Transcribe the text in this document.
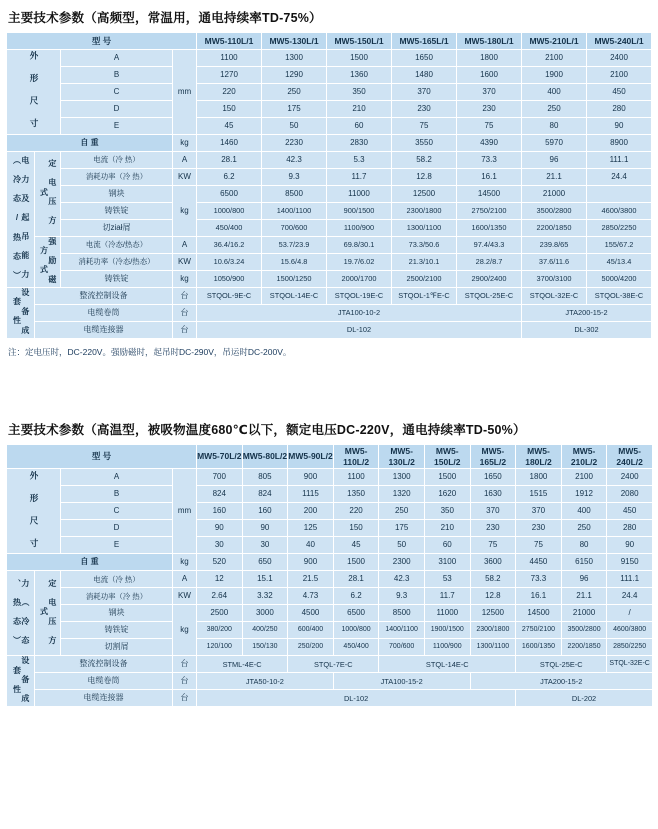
主要技术参数（高频型，常温用，通电持续率TD-75%）
型 号				MW5-110L/1	MW5-130L/1	MW5-150L/1	MW5-165L/1	MW5-180L/1	MW5-210L/1	MW5-240L/1
外 形 尺 寸		A	mm	1100	1300	1500	1650	1800	2100	2400
		B		1270	1290	1360	1480	1600	1900	2100
		C		220	250	350	370	370	400	450
		D		150	175	210	230	230	250	280
		E		45	50	60	75	75	80	90
自 重			kg	1460	2230	2830	3550	4390	5970	8900
电 力 及 起 吊 能 力 （ 冷 态 / 热 态 ）	定 电 压 方 式	电流（冷 热）	A	28.1	42.3	5.3	58.2	73.3	96	111.1
		消耗功率（冷 热）	KW	6.2	9.3	11.7	12.8	16.1	21.1	24.4
		钢块	kg	6500	8500	11000	12500	14500	21000	
		铸铁锭		1000/800	1400/1100	900/1500	2300/1800	2750/2100	3500/2800	4600/3800
		切ział屑		450/400	700/600	1100/900	1300/1100	1600/1350	2200/1850	2850/2250
	强 励 磁 方 式	电流（冷态/热态）	A	36.4/16.2	53.7/23.9	69.8/30.1	73.3/50.6	97.4/43.3	239.8/65	155/67.2
		消耗功率（冷态/热态）	KW	10.6/3.24	15.6/4.8	19.7/6.02	21.3/10.1	28.2/8.7	37.6/11.6	45/13.4
		铸铁锭	kg	1050/900	1500/1250	2000/1700	2500/2100	2900/2400	3700/3100	5000/4200
设 备 成 套 性	整流控制设备		台	STQOL-9E-C	STQOL-14E-C	STQOL-19E-C	STQOL-1℉E-C	STQOL-25E-C	STQOL-32E-C	STQOL-38E-C
	电缆卷筒		台	JTA100-10-2					JTA200-15-2	
	电缆连接器		台	DL-102					DL-302	
注：定电压时，DC-220V。强励磁时，起吊时DC-290V，吊运时DC-200V。
主要技术参数（高温型，被吸物温度680℃以下，额定电压DC-220V，通电持续率TD-50%）
型 号				MW5-70L/2	MW5-80L/2	MW5-90L/2	MW5-110L/2	MW5-130L/2	MW5-150L/2	MW5-165L/2	MW5-180L/2	MW5-210L/2	MW5-240L/2
外 形 尺 寸		A	mm	700	805	900	1100	1300	1500	1650	1800	2100	2400
		B		824	824	1115	1350	1320	1620	1630	1515	1912	2080
		C		160	160	200	220	250	350	370	370	400	450
		D		90	90	125	150	175	210	230	230	250	280
		E		30	30	40	45	50	60	75	75	80	90
自 重			kg	520	650	900	1500	2300	3100	3600	4450	6150	9150
力 （ 冷 态 、 热 态 ）	定 电 压 方 式	电流（冷 热）	A	12	15.1	21.5	28.1	42.3	53	58.2	73.3	96	111.1
		消耗功率（冷 热）	KW	2.64	3.32	4.73	6.2	9.3	11.7	12.8	16.1	21.1	24.4
		钢块	kg	2500	3000	4500	6500	8500	11000	12500	14500	21000	/
		铸铁锭		380/200	400/250	600/400	1000/800	1400/1100	1900/1500	2300/1800	2750/2100	3500/2800	4600/3800
		切割屑		120/100	150/130	250/200	450/400	700/600	1100/900	1300/1100	1600/1350	2200/1850	2850/2250
设 备 成 套 性	整流控制设备		台	STML-4E-C		STQL-7E-C		STQL-14E-C			STQL-25E-C		STQL-32E-C
	电缆卷筒		台	JTA50-10-2			JTA100-15-2			JTA200-15-2			
	电缆连接器		台	DL-102							DL-202		
